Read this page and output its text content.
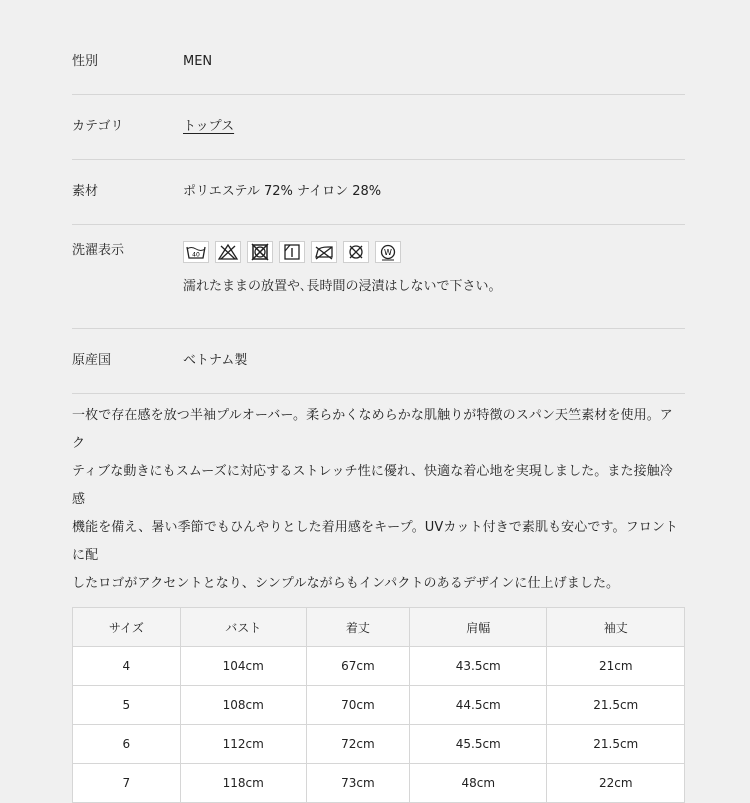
性別	MEN
カテゴリ	トップス
素材	ポリエステル 72% ナイロン 28%
洗濯表示	40	W
濡れたままの放置や､長時間の浸漬はしないで下さい｡
原産国	ベトナム製
一枚で存在感を放つ半袖プルオーバー。柔らかくなめらかな肌触りが特徴のスパン天竺素材を使用。アク
ティブな動きにもスムーズに対応するストレッチ性に優れ、快適な着心地を実現しました。また接触冷感
機能を備え、暑い季節でもひんやりとした着用感をキープ。UVカット付きで素肌も安心です。フロントに配
したロゴがアクセントとなり、シンプルながらもインパクトのあるデザインに仕上げました。
サイズ	バスト	着丈	肩幅	袖丈
4	104cm	67cm	43.5cm	21cm
5	108cm	70cm	44.5cm	21.5cm
6	112cm	72cm	45.5cm	21.5cm
7	118cm	73cm	48cm	22cm
